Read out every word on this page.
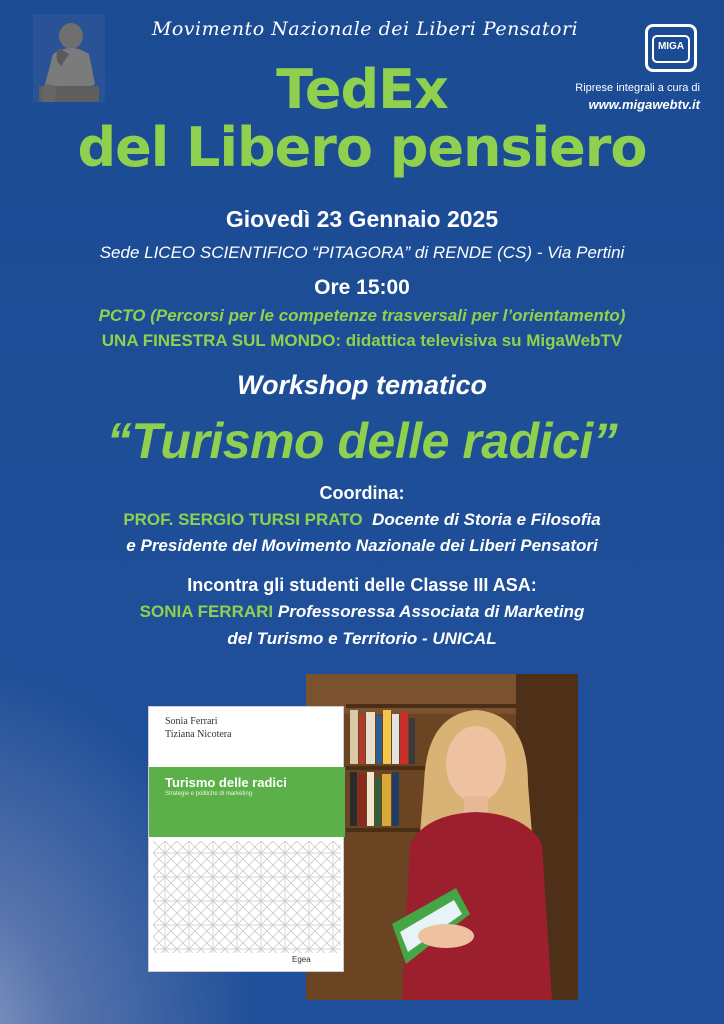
Movimento Nazionale dei Liberi Pensatori
TedEx
del Libero pensiero
MIGA
Riprese integrali a cura di
www.migawebtv.it
Giovedì 23 Gennaio 2025
Sede LICEO SCIENTIFICO “PITAGORA” di RENDE (CS) - Via Pertini
Ore 15:00
PCTO (Percorsi per le competenze trasversali per l’orientamento)
UNA FINESTRA SUL MONDO: didattica televisiva su MigaWebTV
Workshop tematico
“Turismo delle radici”
Coordina:
PROF. SERGIO TURSI PRATO Docente di Storia e Filosofia
e Presidente del Movimento Nazionale dei Liberi Pensatori
Incontra gli studenti delle Classe III ASA:
SONIA FERRARI Professoressa Associata di Marketing
del Turismo e Territorio - UNICAL
Sonia Ferrari
Tiziana Nicotera
Turismo delle radici
Strategie e politiche di marketing
Egea
